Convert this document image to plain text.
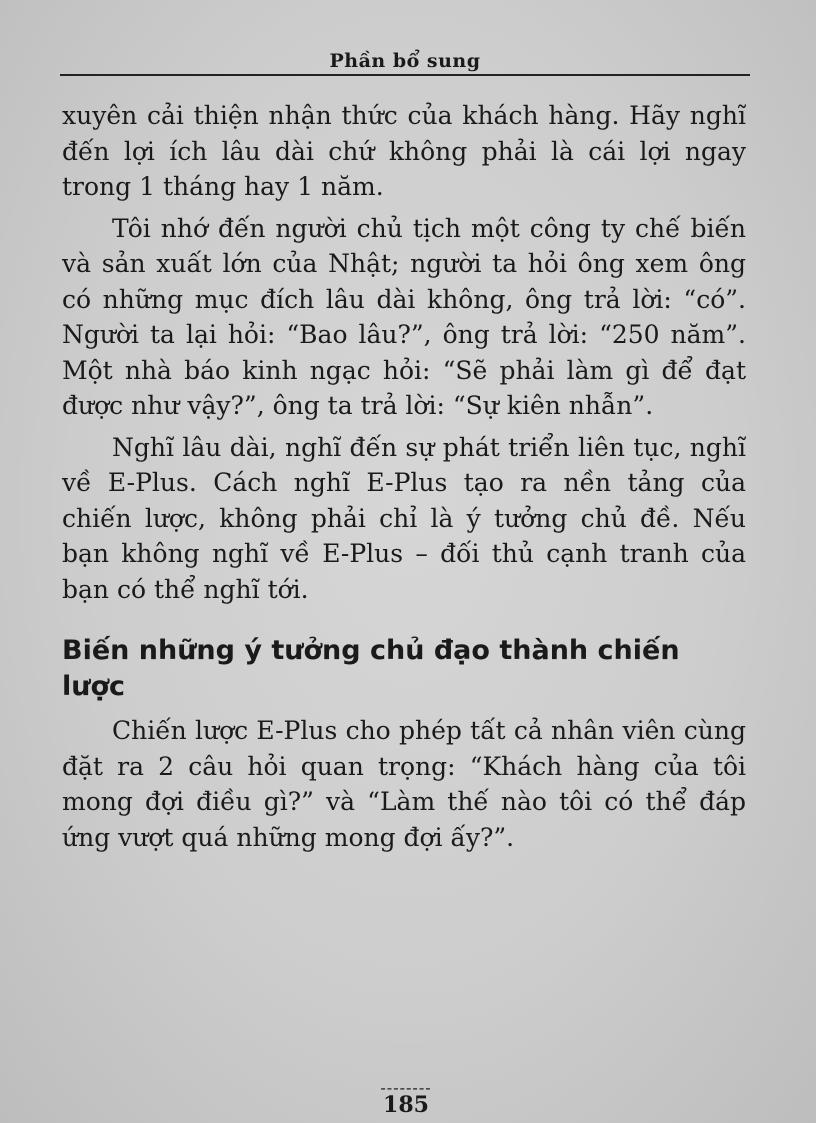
Phần bổ sung

xuyên cải thiện nhận thức của khách hàng. Hãy nghĩ đến lợi ích lâu dài chứ không phải là cái lợi ngay trong 1 tháng hay 1 năm.

Tôi nhớ đến người chủ tịch một công ty chế biến và sản xuất lớn của Nhật; người ta hỏi ông xem ông có những mục đích lâu dài không, ông trả lời: “có”. Người ta lại hỏi: “Bao lâu?”, ông trả lời: “250 năm”. Một nhà báo kinh ngạc hỏi: “Sẽ phải làm gì để đạt được như vậy?”, ông ta trả lời: “Sự kiên nhẫn”.

Nghĩ lâu dài, nghĩ đến sự phát triển liên tục, nghĩ về E-Plus. Cách nghĩ E-Plus tạo ra nền tảng của chiến lược, không phải chỉ là ý tưởng chủ đề. Nếu bạn không nghĩ về E-Plus – đối thủ cạnh tranh của bạn có thể nghĩ tới.

Biến những ý tưởng chủ đạo thành chiến lược

Chiến lược E-Plus cho phép tất cả nhân viên cùng đặt ra 2 câu hỏi quan trọng: “Khách hàng của tôi mong đợi điều gì?” và “Làm thế nào tôi có thể đáp ứng vượt quá những mong đợi ấy?”.

--------
185
